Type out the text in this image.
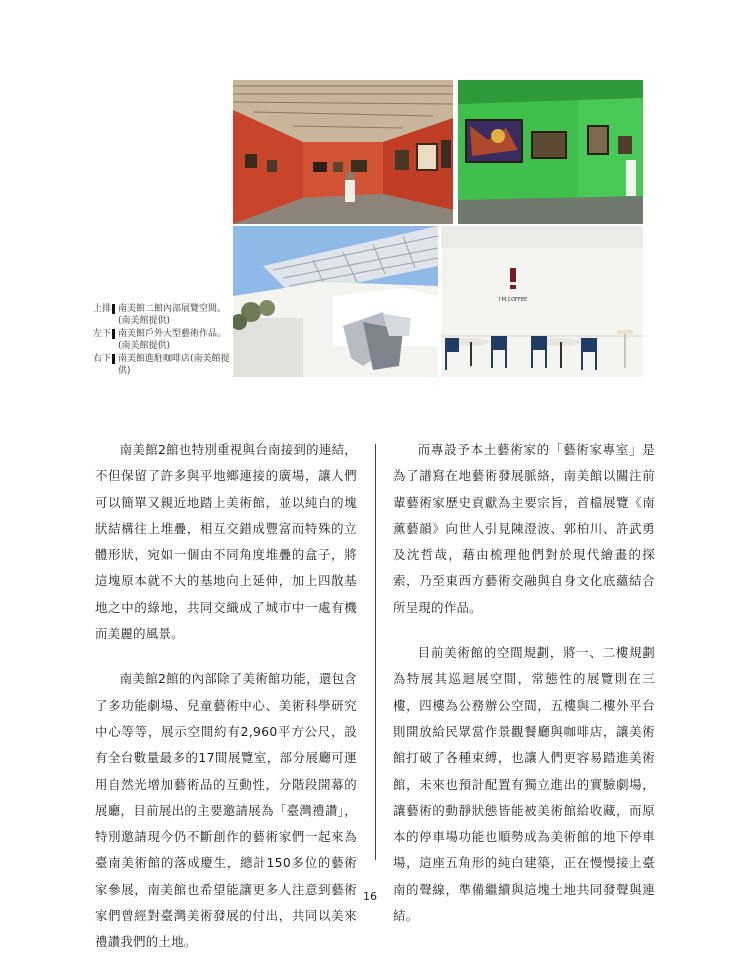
I'M.COFFEE
上排 南美館二館內部展覽空間。(南美館提供)
左下 南美館戶外大型藝術作品。(南美館提供)
右下 南美館進駐咖啡店(南美館提供)

南美館2館也特別重視與台南接到的連結，不但保留了許多與平地鄉連接的廣場，讓人們可以簡單又親近地踏上美術館，並以純白的塊狀結構往上堆疊，相互交錯成豐富而特殊的立體形狀，宛如一個由不同角度堆疊的盒子，將這塊原本就不大的基地向上延伸，加上四散基地之中的綠地，共同交織成了城市中一處有機而美麗的風景。

南美館2館的內部除了美術館功能，還包含了多功能劇場、兒童藝術中心、美術科學研究中心等等，展示空間約有2,960平方公尺，設有全台數量最多的17間展覽室，部分展廳可運用自然光增加藝術品的互動性，分階段開幕的展廳，目前展出的主要邀請展為「臺灣禮讚」，特別邀請現今仍不斷創作的藝術家們一起來為臺南美術館的落成慶生，總計150多位的藝術家參展，南美館也希望能讓更多人注意到藝術家們曾經對臺灣美術發展的付出，共同以美來禮讚我們的土地。

而專設予本土藝術家的「藝術家專室」是為了譜寫在地藝術發展脈絡，南美館以關注前輩藝術家歷史貢獻為主要宗旨，首檔展覽《南薰藝韻》向世人引見陳澄波、郭柏川、許武勇及沈哲哉，藉由梳理他們對於現代繪畫的探索，乃至東西方藝術交融與自身文化底蘊結合所呈現的作品。

目前美術館的空間規劃，將一、二樓規劃為特展其巡迴展空間，常態性的展覽則在三樓，四樓為公務辦公空間，五樓與二樓外平台則開放給民眾當作景觀餐廳與咖啡店，讓美術館打破了各種束縛，也讓人們更容易踏進美術館，未來也預計配置有獨立進出的實驗劇場，讓藝術的動靜狀態皆能被美術館給收藏，而原本的停車場功能也順勢成為美術館的地下停車場，這座五角形的純白建築，正在慢慢接上臺南的聲線，準備繼續與這塊土地共同發聲與連結。

16
